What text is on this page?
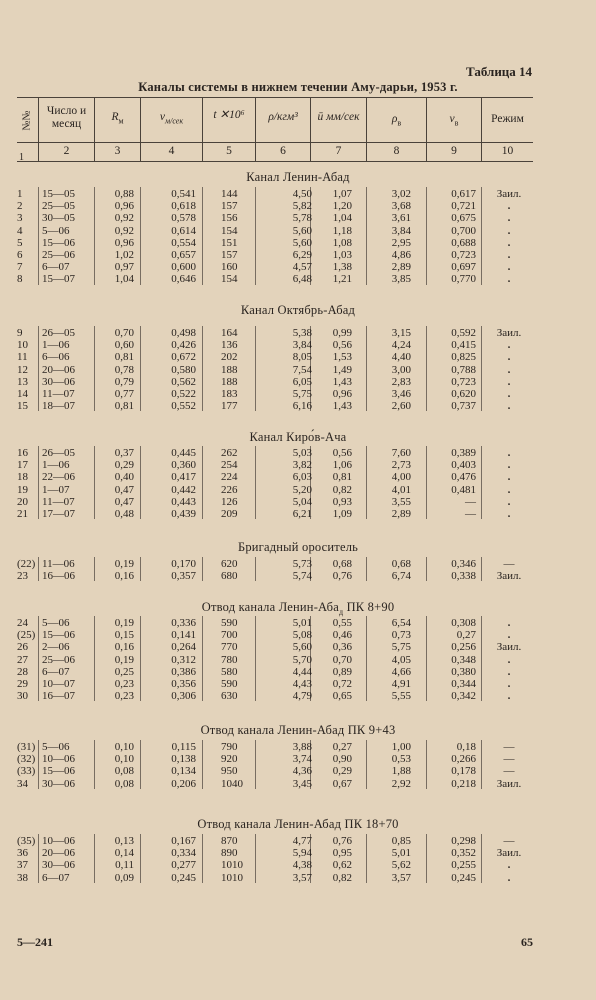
Таблица 14
Каналы системы в нижнем течении Аму-дарьи, 1953 г.
№№	Число и месяц
$R_м$	$v_{м/сек}$	t ✕10⁶	ρ/кгм³	ū мм/сек	$\rho_в$	$v_в$	Режим
2	3	4	5	6	7	8	9	10
1
Канал Ленин-Абад
1	15—05	0,88	0,541 144	4,50	1,07	3,02	0,617	Заил.
2	25—05	0,96	0,618 157	5,82	1,20	3,68	0,721	.
3	30—05	0,92	0,578 156	5,78	1,04	3,61	0,675	.
4	5—06	0,92	0,614 154	5,60	1,18	3,84	0,700	.
5	15—06	0,96	0,554 151	5,60	1,08	2,95	0,688	.
6	25—06	1,02	0,657 157	6,29	1,03	4,86	0,723	.
7	6—07	0,97	0,600 160	4,57	1,38	2,89	0,697	.
8	15—07	1,04	0,646 154	6,48	1,21	3,85	0,770	.
Канал Октябрь-Абад
9	26—05	0,70	0,498 164	5,38	0,99	3,15	0,592	Заил.
10	1—06	0,60	0,426 136	3,84	0,56	4,24	0,415	.
11	6—06	0,81	0,672 202	8,05	1,53	4,40	0,825	.
12	20—06	0,78	0,580 188	7,54	1,49	3,00	0,788	.
13	30—06	0,79	0,562 188	6,05	1,43	2,83	0,723	.
14	11—07	0,77	0,522 183	5,75	0,96	3,46	0,620	.
15	18—07	0,81	0,552 177	6,16	1,43	2,60	0,737	.
Канал Киро́в-Ача
16	26—05	0,37	0,445 262	5,03	0,56	7,60	0,389	.
17	1—06	0,29	0,360 254	3,82	1,06	2,73	0,403	.
18	22—06	0,40	0,417 224	6,03	0,81	4,00	0,476	.
19	1—07	0,47	0,442 226	5,20	0,82	4,01	0,481	.
20	11—07	0,47	0,443 126	5,04	0,93	3,55	—	.
21	17—07	0,48	0,439 209	6,21	1,09	2,89	—	.
Бригадный ороситель
(22) 11—06	0,19	0,170 620	5,73	0,68	0,68	0,346	—
23	16—06	0,16	0,357 680	5,74	0,76	6,74	0,338	Заил.
Отвод канала Ленин-Аба$_д$ ПК 8+90
24	5—06	0,19	0,336 590	5,01	0,55	6,54	0,308	.
(25) 15—06	0,15	0,141 700	5,08	0,46	0,73	0,27	.
26	2—06	0,16	0,264 770	5,60	0,36	5,75	0,256	Заил.
27	25—06	0,19	0,312 780	5,70	0,70	4,05	0,348	.
28	6—07	0,25	0,386 580	4,44	0,89	4,66	0,380	.
29	10—07	0,23	0,356 590	4,43	0,72	4,91	0,344	.
30	16—07	0,23	0,306 630	4,79	0,65	5,55	0,342	.
Отвод канала Ленин-Абад ПК 9+43
(31) 5—06	0,10	0,115 790	3,88	0,27	1,00	0,18	—
(32) 10—06	0,10	0,138 920	3,74	0,90	0,53	0,266	—
(33) 15—06	0,08	0,134 950	4,36	0,29	1,88	0,178	—
34	30—06	0,08	0,206 1040	3,45	0,67	2,92	0,218	Заил.
Отвод канала Ленин-Абад ПК 18+70
(35) 10—06	0,13	0,167 870	4,77	0,76	0,85	0,298	—
36	20—06	0,14	0,334 890	5,94	0,95	5,01	0,352	Заил.
37	30—06	0,11	0,277 1010	4,38	0,62	5,62	0,255	.
38	6—07	0,09	0,245 1010	3,57	0,82	3,57	0,245	.
5—241	65
